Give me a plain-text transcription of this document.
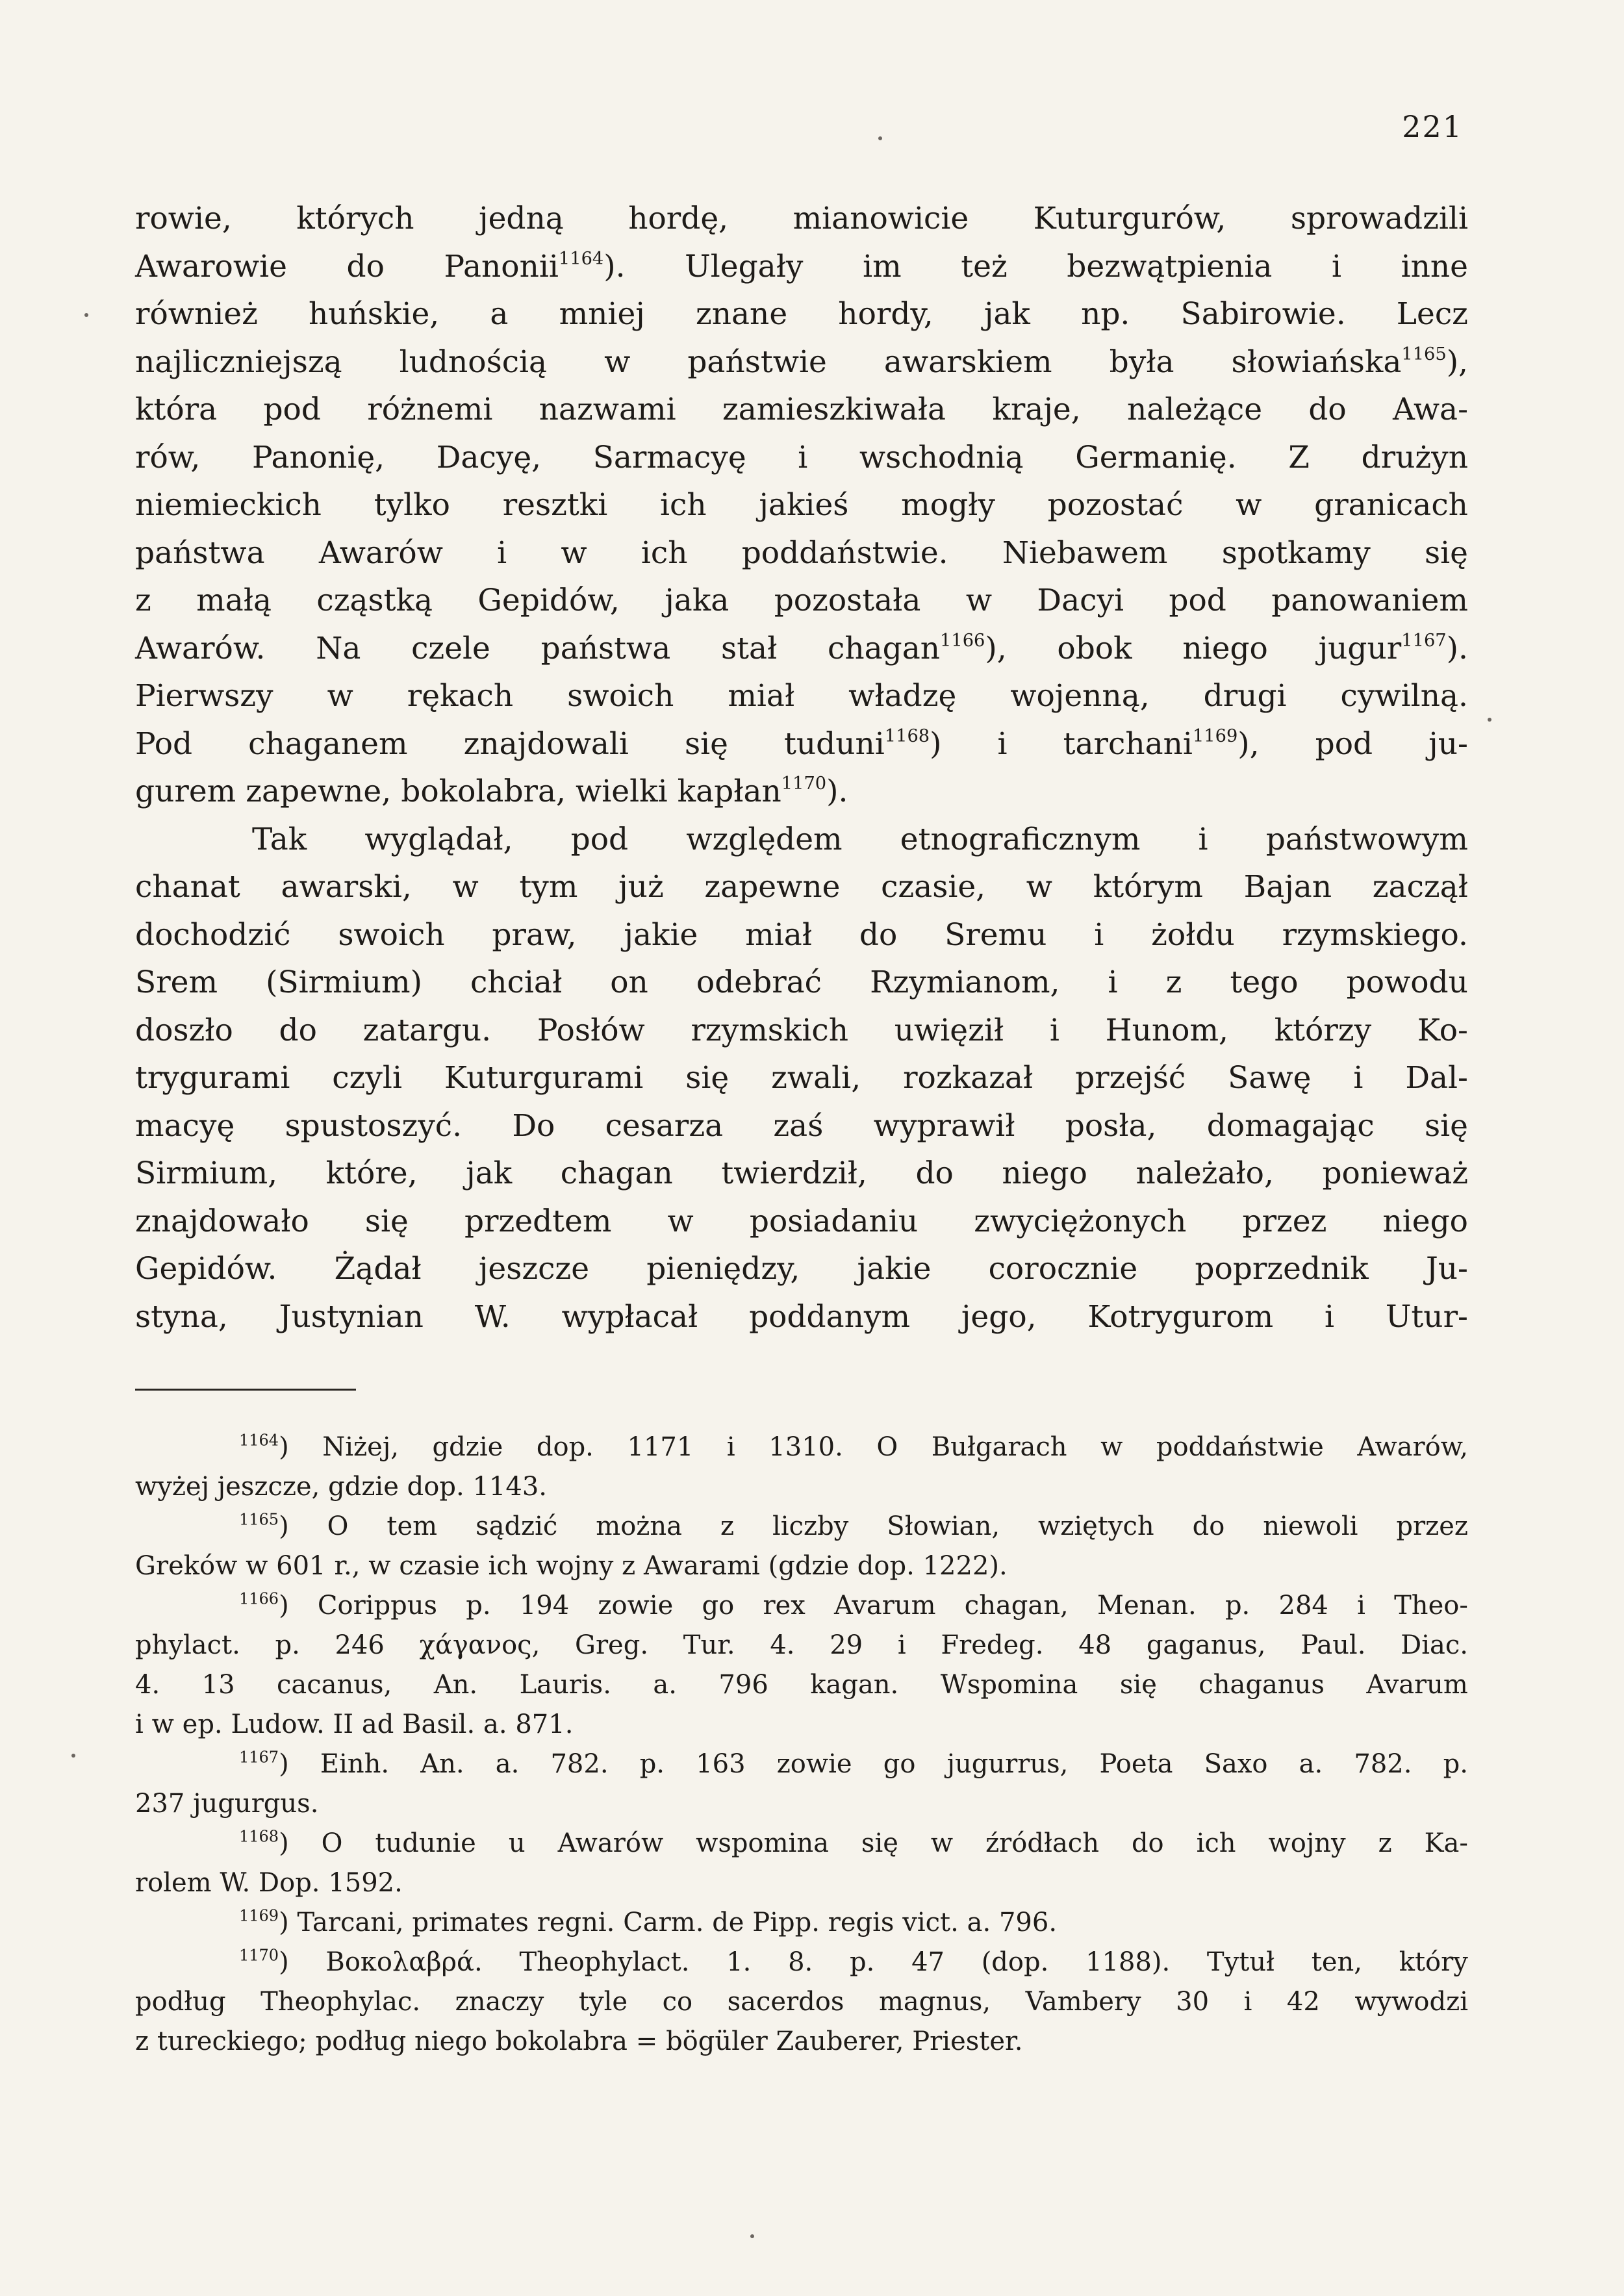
221
rowie, których jedną hordę, mianowicie Kuturgurów, sprowadzili
Awarowie do Panonii$^{1164}$). Ulegały im też bezwątpienia i inne
również huńskie, a mniej znane hordy, jak np. Sabirowie. Lecz
najliczniejszą ludnością w państwie awarskiem była słowiańska$^{1165}$),
która pod różnemi nazwami zamieszkiwała kraje, należące do Awa-
rów, Panonię, Dacyę, Sarmacyę i wschodnią Germanię. Z drużyn
niemieckich tylko resztki ich jakieś mogły pozostać w granicach
państwa Awarów i w ich poddaństwie. Niebawem spotkamy się
z małą cząstką Gepidów, jaka pozostała w Dacyi pod panowaniem
Awarów. Na czele państwa stał chagan$^{1166}$), obok niego jugur$^{1167}$).
Pierwszy w rękach swoich miał władzę wojenną, drugi cywilną.
Pod chaganem znajdowali się tuduni$^{1168}$) i tarchani$^{1169}$), pod ju-
gurem zapewne, bokolabra, wielki kapłan$^{1170}$).
Tak wyglądał, pod względem etnograficznym i państwowym
chanat awarski, w tym już zapewne czasie, w którym Bajan zaczął
dochodzić swoich praw, jakie miał do Sremu i żołdu rzymskiego.
Srem (Sirmium) chciał on odebrać Rzymianom, i z tego powodu
doszło do zatargu. Posłów rzymskich uwięził i Hunom, którzy Ko-
trygurami czyli Kuturgurami się zwali, rozkazał przejść Sawę i Dal-
macyę spustoszyć. Do cesarza zaś wyprawił posła, domagając się
Sirmium, które, jak chagan twierdził, do niego należało, ponieważ
znajdowało się przedtem w posiadaniu zwyciężonych przez niego
Gepidów. Żądał jeszcze pieniędzy, jakie corocznie poprzednik Ju-
styna, Justynian W. wypłacał poddanym jego, Kotrygurom i Utur-
$^{1164}$) Niżej, gdzie dop. 1171 i 1310. O Bułgarach w poddaństwie Awarów,
wyżej jeszcze, gdzie dop. 1143.
$^{1165}$) O tem sądzić można z liczby Słowian, wziętych do niewoli przez
Greków w 601 r., w czasie ich wojny z Awarami (gdzie dop. 1222).
$^{1166}$) Corippus p. 194 zowie go rex Avarum chagan, Menan. p. 284 i Theo-
phylact. p. 246 χάγανος, Greg. Tur. 4. 29 i Fredeg. 48 gaganus, Paul. Diac.
4. 13 cacanus, An. Lauris. a. 796 kagan. Wspomina się chaganus Avarum
i w ep. Ludow. II ad Basil. a. 871.
$^{1167}$) Einh. An. a. 782. p. 163 zowie go jugurrus, Poeta Saxo a. 782. p.
237 jugurgus.
$^{1168}$) O tudunie u Awarów wspomina się w źródłach do ich wojny z Ka-
rolem W. Dop. 1592.
$^{1169}$) Tarcani, primates regni. Carm. de Pipp. regis vict. a. 796.
$^{1170}$) Βοκολαβρά. Theophylact. 1. 8. p. 47 (dop. 1188). Tytuł ten, który
podług Theophylac. znaczy tyle co sacerdos magnus, Vambery 30 i 42 wywodzi
z tureckiego; podług niego bokolabra = bögüler Zauberer, Priester.
